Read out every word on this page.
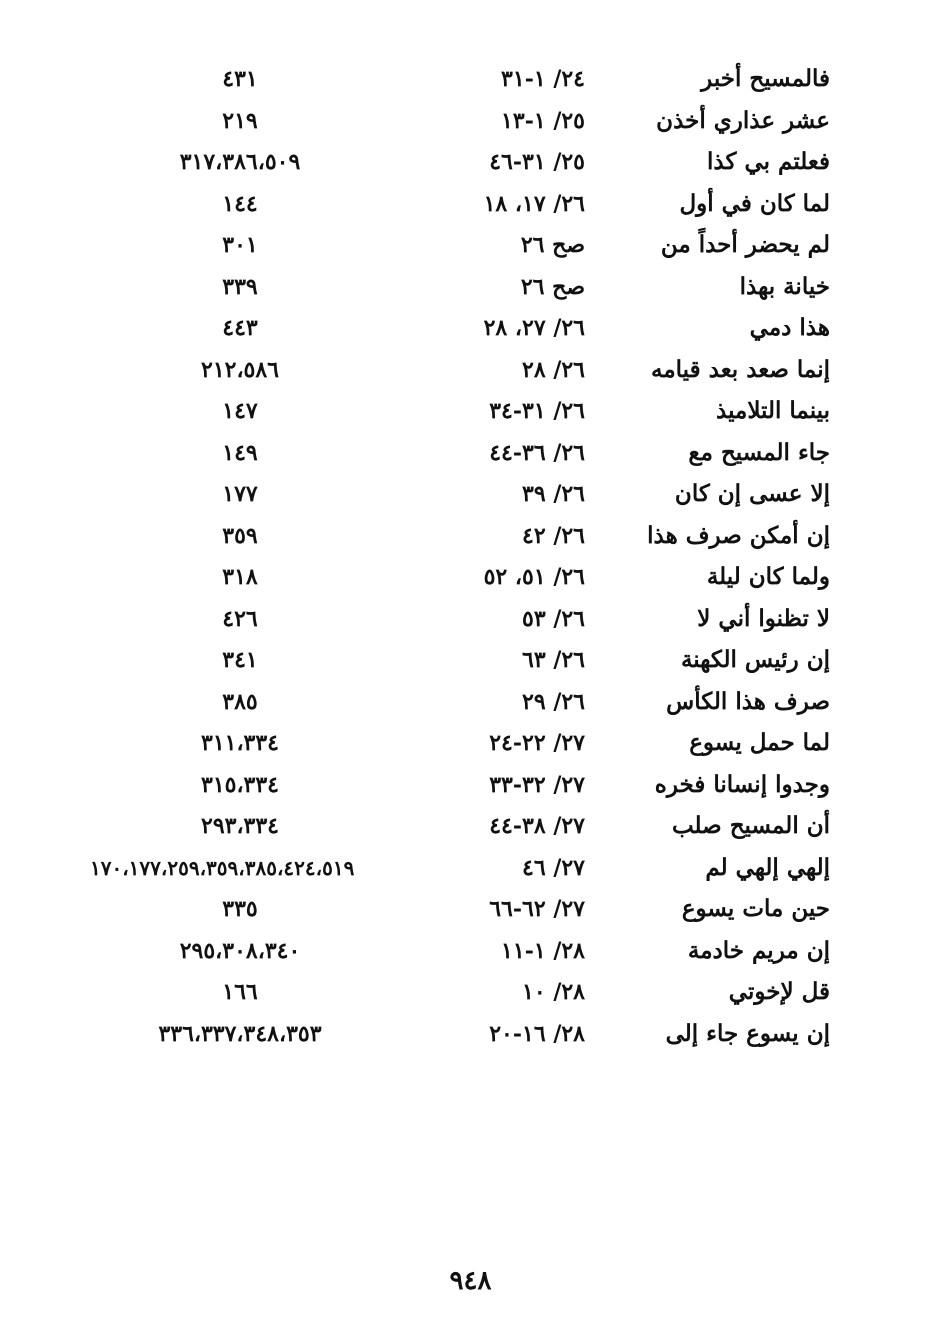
فالمسيح أخبر
٢٤/ ١-٣١
٤٣١
عشر عذاري أخذن
٢٥/ ١-١٣
٢١٩
فعلتم بي كذا
٢٥/ ٣١-٤٦
٣١٧،٣٨٦،٥٠٩
لما كان في أول
٢٦/ ١٧، ١٨
١٤٤
لم يحضر أحداً من
صح ٢٦
٣٠١
خيانة بهذا
صح ٢٦
٣٣٩
هذا دمي
٢٦/ ٢٧، ٢٨
٤٤٣
إنما صعد بعد قيامه
٢٦/ ٢٨
٢١٢،٥٨٦
بينما التلاميذ
٢٦/ ٣١-٣٤
١٤٧
جاء المسيح مع
٢٦/ ٣٦-٤٤
١٤٩
إلا عسى إن كان
٢٦/ ٣٩
١٧٧
إن أمكن صرف هذا
٢٦/ ٤٢
٣٥٩
ولما كان ليلة
٢٦/ ٥١، ٥٢
٣١٨
لا تظنوا أني لا
٢٦/ ٥٣
٤٢٦
إن رئيس الكهنة
٢٦/ ٦٣
٣٤١
صرف هذا الكأس
٢٦/ ٢٩
٣٨٥
لما حمل يسوع
٢٧/ ٢٢-٢٤
٣١١،٣٣٤
وجدوا إنسانا فخره
٢٧/ ٣٢-٣٣
٣١٥،٣٣٤
أن المسيح صلب
٢٧/ ٣٨-٤٤
٢٩٣،٣٣٤
إلهي إلهي لم
٢٧/ ٤٦
١٧٠،١٧٧،٢٥٩،٣٥٩،٣٨٥،٤٢٤،٥١٩
حين مات يسوع
٢٧/ ٦٢-٦٦
٣٣٥
إن مريم خادمة
٢٨/ ١-١١
٢٩٥،٣٠٨،٣٤٠
قل لإخوتي
٢٨/ ١٠
١٦٦
إن يسوع جاء إلى
٢٨/ ١٦-٢٠
٣٣٦،٣٣٧،٣٤٨،٣٥٣
٩٤٨
